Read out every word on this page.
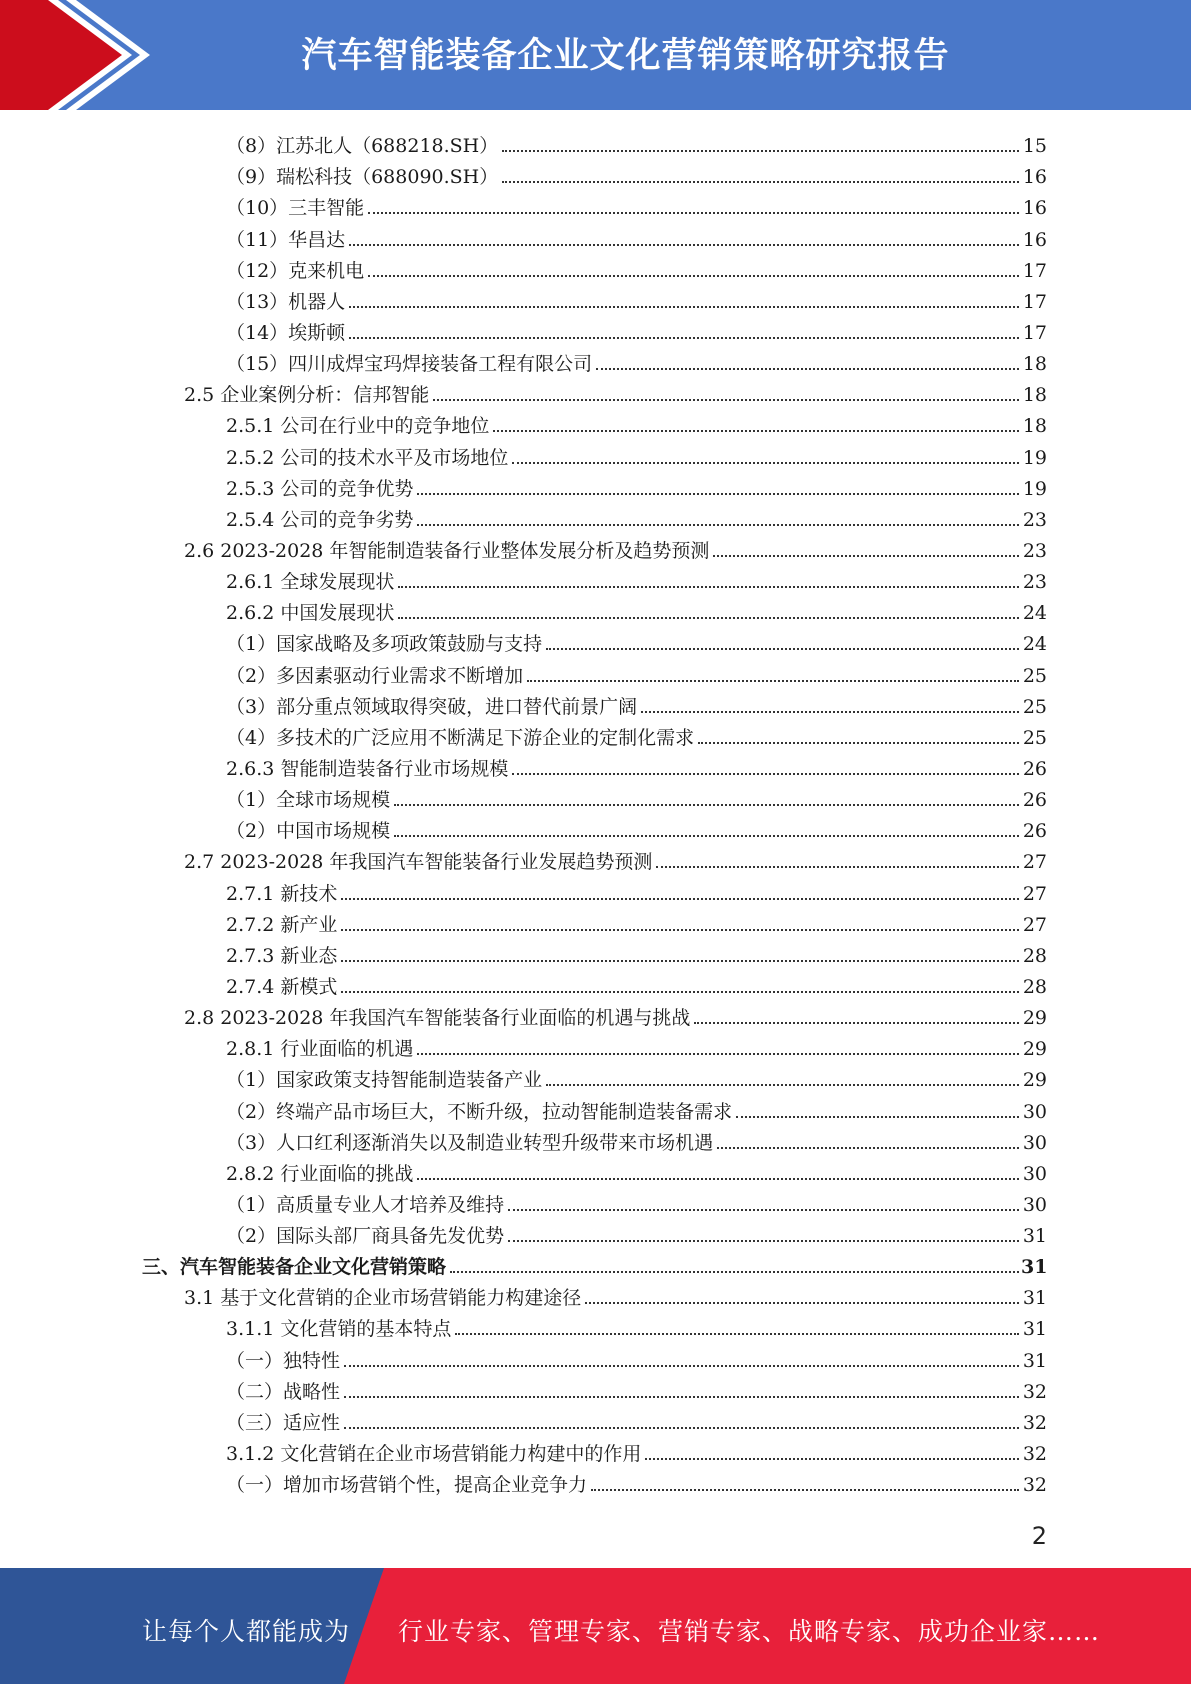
汽车智能装备企业文化营销策略研究报告
（8）江苏北人（688218.SH）	15
（9）瑞松科技（688090.SH）	16
（10）三丰智能	16
（11）华昌达	16
（12）克来机电	17
（13）机器人	17
（14）埃斯顿	17
（15）四川成焊宝玛焊接装备工程有限公司	18
2.5 企业案例分析：信邦智能	18
2.5.1 公司在行业中的竞争地位	18
2.5.2 公司的技术水平及市场地位	19
2.5.3 公司的竞争优势	19
2.5.4 公司的竞争劣势	23
2.6 2023-2028 年智能制造装备行业整体发展分析及趋势预测	23
2.6.1 全球发展现状	23
2.6.2 中国发展现状	24
（1）国家战略及多项政策鼓励与支持	24
（2）多因素驱动行业需求不断增加	25
（3）部分重点领域取得突破，进口替代前景广阔	25
（4）多技术的广泛应用不断满足下游企业的定制化需求	25
2.6.3 智能制造装备行业市场规模	26
（1）全球市场规模	26
（2）中国市场规模	26
2.7 2023-2028 年我国汽车智能装备行业发展趋势预测	27
2.7.1 新技术	27
2.7.2 新产业	27
2.7.3 新业态	28
2.7.4 新模式	28
2.8 2023-2028 年我国汽车智能装备行业面临的机遇与挑战	29
2.8.1 行业面临的机遇	29
（1）国家政策支持智能制造装备产业	29
（2）终端产品市场巨大，不断升级，拉动智能制造装备需求	30
（3）人口红利逐渐消失以及制造业转型升级带来市场机遇	30
2.8.2 行业面临的挑战	30
（1）高质量专业人才培养及维持	30
（2）国际头部厂商具备先发优势	31
三、汽车智能装备企业文化营销策略	31
3.1 基于文化营销的企业市场营销能力构建途径	31
3.1.1 文化营销的基本特点	31
（一）独特性	31
（二）战略性	32
（三）适应性	32
3.1.2 文化营销在企业市场营销能力构建中的作用	32
（一）增加市场营销个性，提高企业竞争力	32
2
让每个人都能成为 行业专家、管理专家、营销专家、战略专家、成功企业家……
